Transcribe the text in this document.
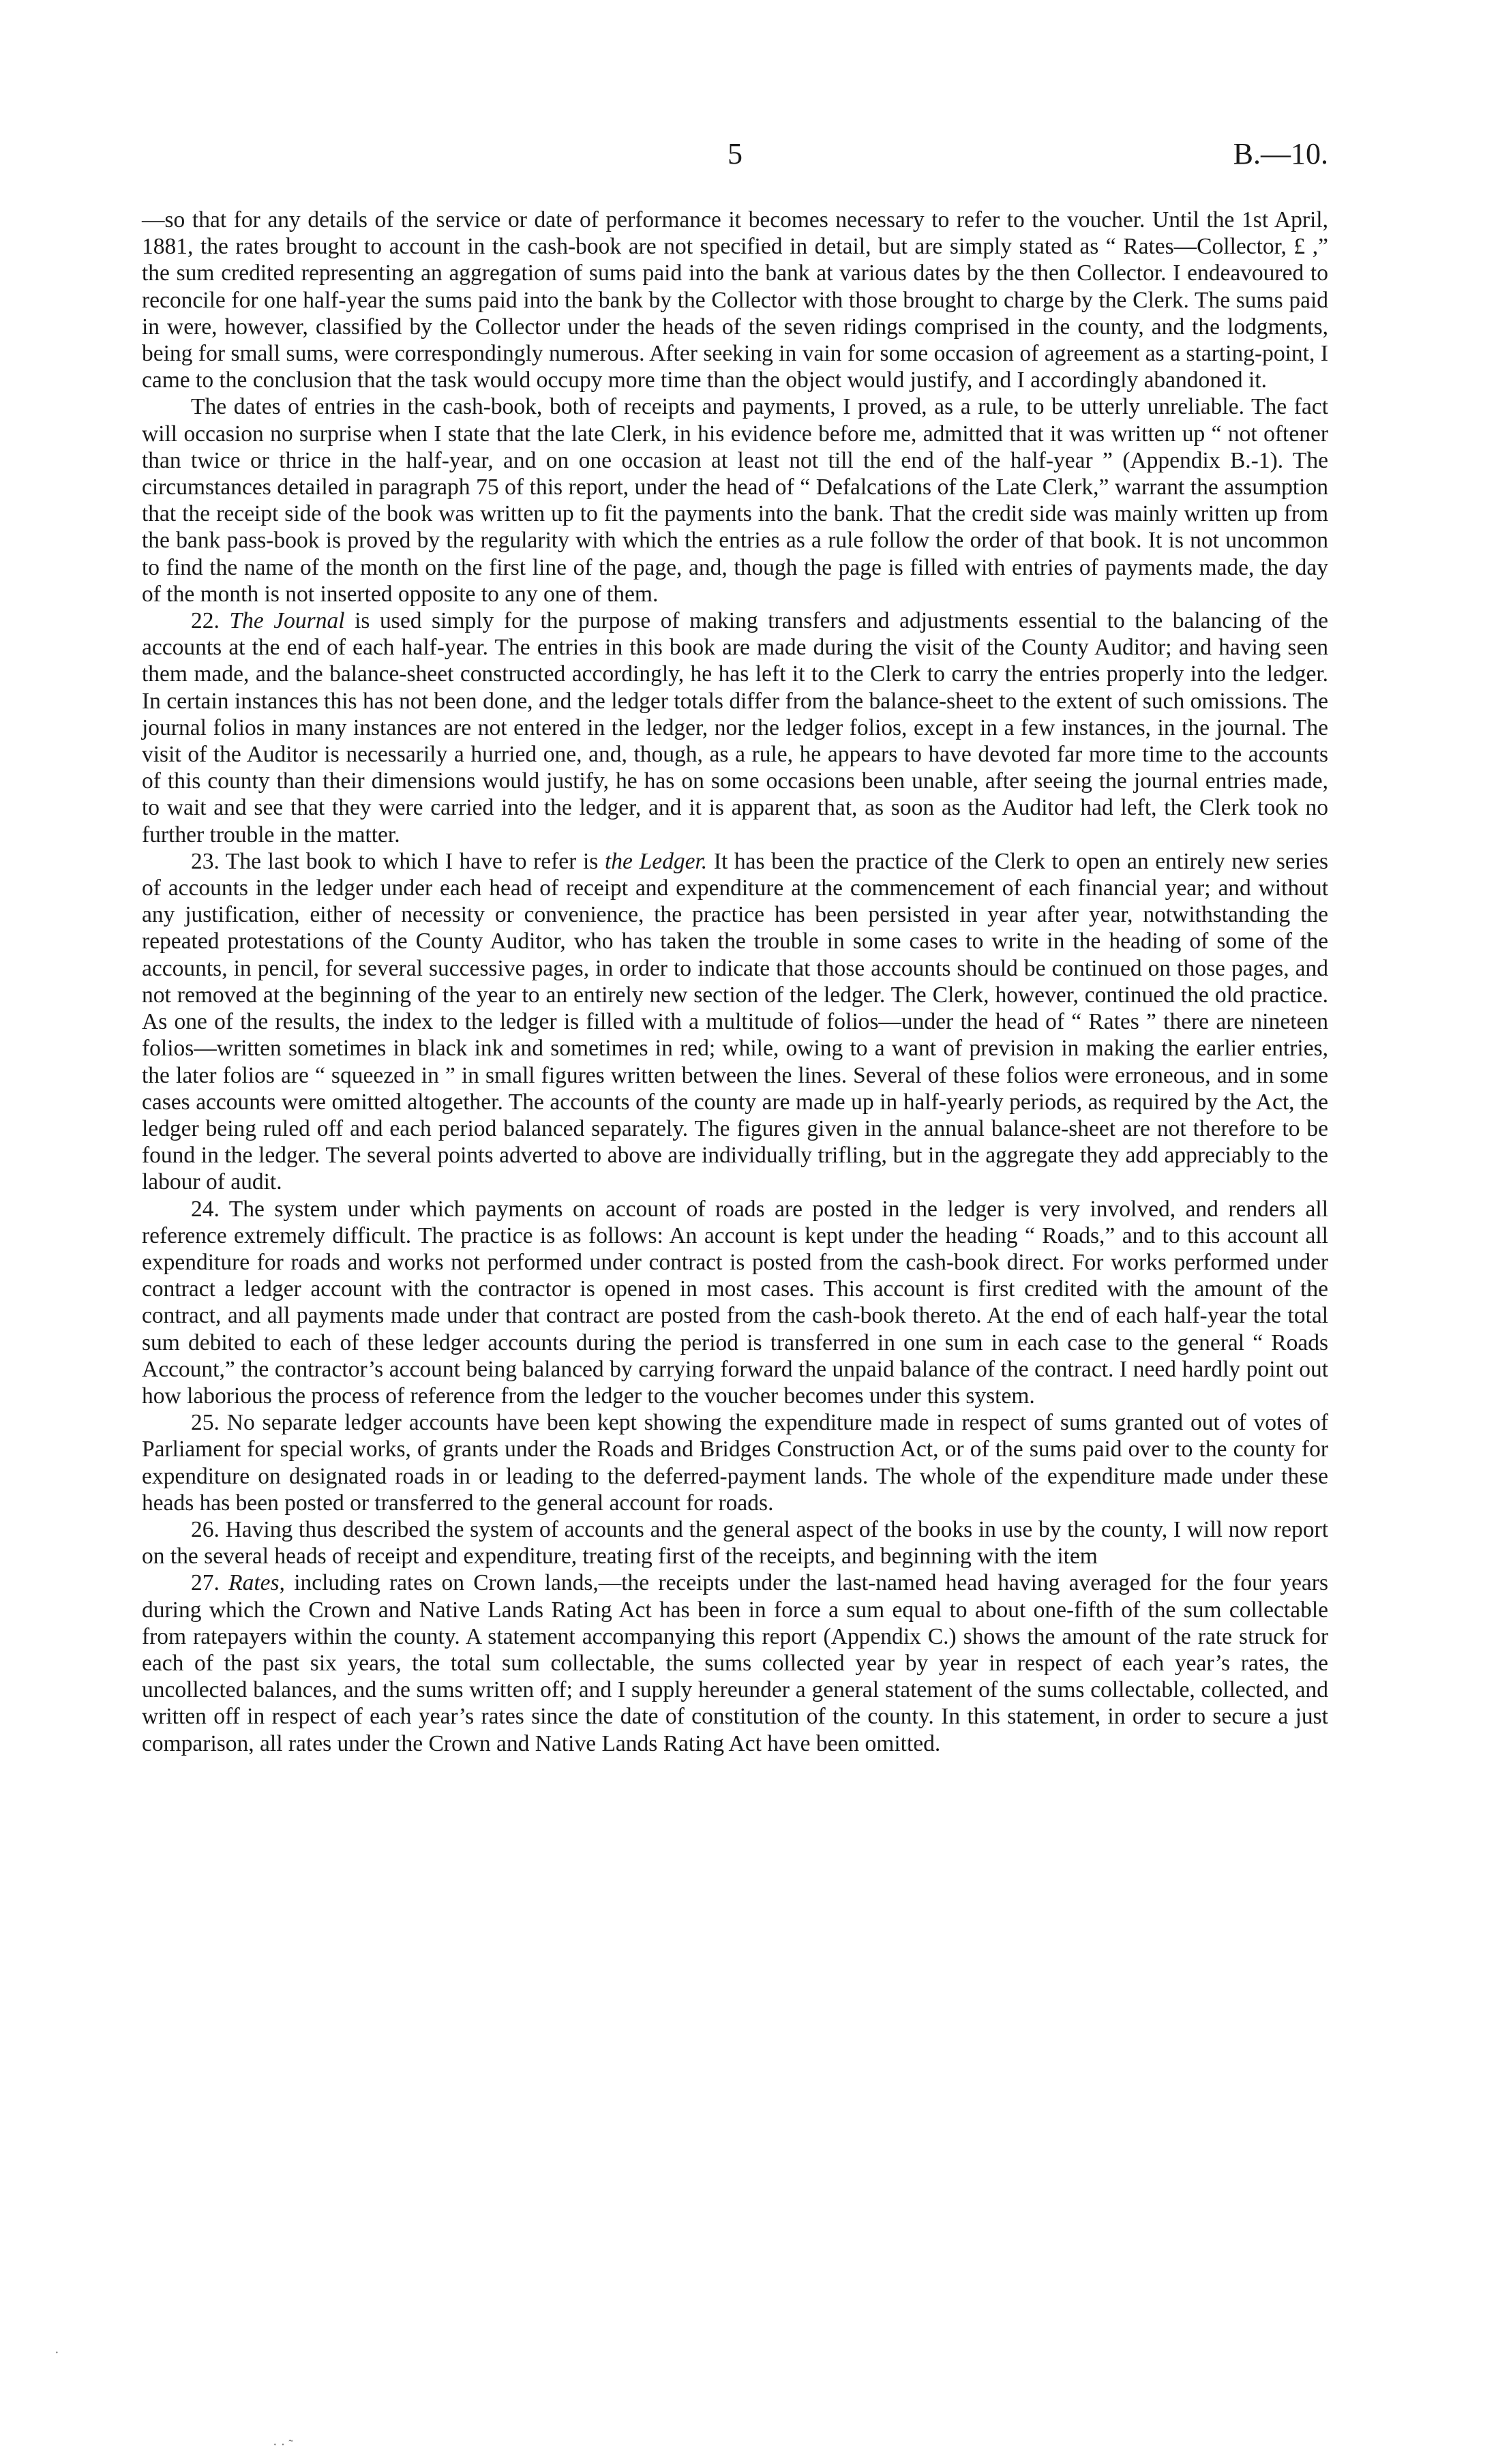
5	B.—10.

—so that for any details of the service or date of performance it becomes necessary to refer to the voucher. Until the 1st April, 1881, the rates brought to account in the cash-book are not specified in detail, but are simply stated as “ Rates—Collector, £ ,” the sum credited representing an aggregation of sums paid into the bank at various dates by the then Collector. I endeavoured to reconcile for one half-year the sums paid into the bank by the Collector with those brought to charge by the Clerk. The sums paid in were, however, classified by the Collector under the heads of the seven ridings comprised in the county, and the lodgments, being for small sums, were correspondingly numerous. After seeking in vain for some occasion of agreement as a starting-point, I came to the conclusion that the task would occupy more time than the object would justify, and I accordingly abandoned it.

The dates of entries in the cash-book, both of receipts and payments, I proved, as a rule, to be utterly unreliable. The fact will occasion no surprise when I state that the late Clerk, in his evidence before me, admitted that it was written up “ not oftener than twice or thrice in the half-year, and on one occasion at least not till the end of the half-year ” (Appendix B.-1). The circumstances detailed in paragraph 75 of this report, under the head of “ Defalcations of the Late Clerk,” warrant the assumption that the receipt side of the book was written up to fit the payments into the bank. That the credit side was mainly written up from the bank pass-book is proved by the regularity with which the entries as a rule follow the order of that book. It is not uncommon to find the name of the month on the first line of the page, and, though the page is filled with entries of payments made, the day of the month is not inserted opposite to any one of them.

22. The Journal is used simply for the purpose of making transfers and adjustments essential to the balancing of the accounts at the end of each half-year. The entries in this book are made during the visit of the County Auditor; and having seen them made, and the balance-sheet constructed accordingly, he has left it to the Clerk to carry the entries properly into the ledger. In certain instances this has not been done, and the ledger totals differ from the balance-sheet to the extent of such omissions. The journal folios in many instances are not entered in the ledger, nor the ledger folios, except in a few instances, in the journal. The visit of the Auditor is necessarily a hurried one, and, though, as a rule, he appears to have devoted far more time to the accounts of this county than their dimensions would justify, he has on some occasions been unable, after seeing the journal entries made, to wait and see that they were carried into the ledger, and it is apparent that, as soon as the Auditor had left, the Clerk took no further trouble in the matter.

23. The last book to which I have to refer is the Ledger. It has been the practice of the Clerk to open an entirely new series of accounts in the ledger under each head of receipt and expenditure at the commencement of each financial year; and without any justification, either of necessity or convenience, the practice has been persisted in year after year, notwithstanding the repeated protestations of the County Auditor, who has taken the trouble in some cases to write in the heading of some of the accounts, in pencil, for several successive pages, in order to indicate that those accounts should be continued on those pages, and not removed at the beginning of the year to an entirely new section of the ledger. The Clerk, however, continued the old practice. As one of the results, the index to the ledger is filled with a multitude of folios—under the head of “ Rates ” there are nineteen folios—written sometimes in black ink and sometimes in red; while, owing to a want of prevision in making the earlier entries, the later folios are “ squeezed in ” in small figures written between the lines. Several of these folios were erroneous, and in some cases accounts were omitted altogether. The accounts of the county are made up in half-yearly periods, as required by the Act, the ledger being ruled off and each period balanced separately. The figures given in the annual balance-sheet are not therefore to be found in the ledger. The several points adverted to above are individually trifling, but in the aggregate they add appreciably to the labour of audit.

24. The system under which payments on account of roads are posted in the ledger is very involved, and renders all reference extremely difficult. The practice is as follows: An account is kept under the heading “ Roads,” and to this account all expenditure for roads and works not performed under contract is posted from the cash-book direct. For works performed under contract a ledger account with the contractor is opened in most cases. This account is first credited with the amount of the contract, and all payments made under that contract are posted from the cash-book thereto. At the end of each half-year the total sum debited to each of these ledger accounts during the period is transferred in one sum in each case to the general “ Roads Account,” the contractor’s account being balanced by carrying forward the unpaid balance of the contract. I need hardly point out how laborious the process of reference from the ledger to the voucher becomes under this system.

25. No separate ledger accounts have been kept showing the expenditure made in respect of sums granted out of votes of Parliament for special works, of grants under the Roads and Bridges Construction Act, or of the sums paid over to the county for expenditure on designated roads in or leading to the deferred-payment lands. The whole of the expenditure made under these heads has been posted or transferred to the general account for roads.

26. Having thus described the system of accounts and the general aspect of the books in use by the county, I will now report on the several heads of receipt and expenditure, treating first of the receipts, and beginning with the item

27. Rates, including rates on Crown lands,—the receipts under the last-named head having averaged for the four years during which the Crown and Native Lands Rating Act has been in force a sum equal to about one-fifth of the sum collectable from ratepayers within the county. A statement accompanying this report (Appendix C.) shows the amount of the rate struck for each of the past six years, the total sum collectable, the sums collected year by year in respect of each year’s rates, the uncollected balances, and the sums written off; and I supply hereunder a general statement of the sums collectable, collected, and written off in respect of each year’s rates since the date of constitution of the county. In this statement, in order to secure a just comparison, all rates under the Crown and Native Lands Rating Act have been omitted.

·
· · ˜
